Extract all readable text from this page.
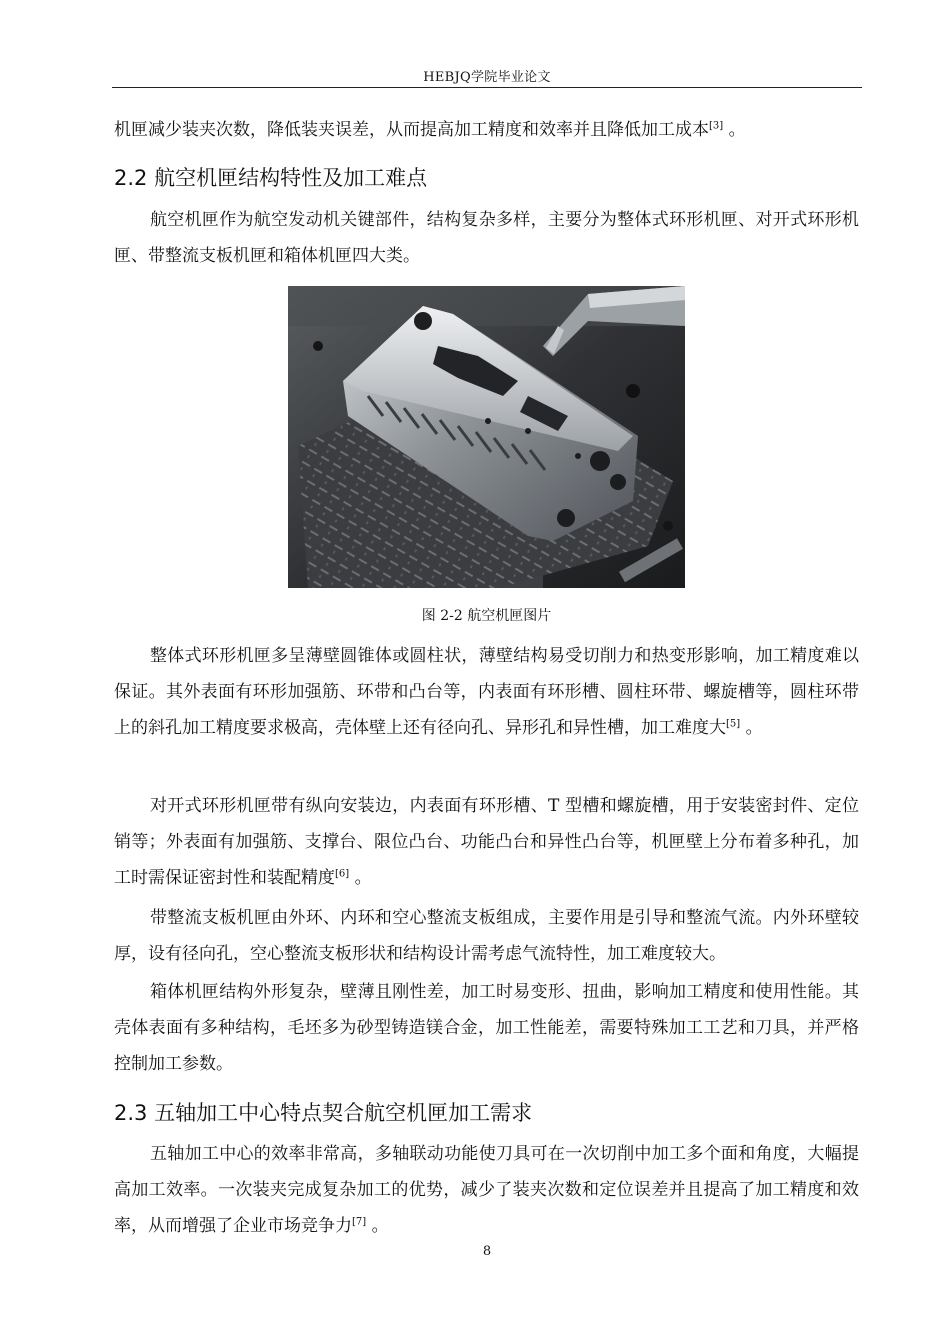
HEBJQ学院毕业论文

机匣减少装夹次数，降低装夹误差，从而提高加工精度和效率并且降低加工成本[3] 。

2.2 航空机匣结构特性及加工难点

航空机匣作为航空发动机关键部件，结构复杂多样，主要分为整体式环形机匣、对开式环形机匣、带整流支板机匣和箱体机匣四大类。

图 2-2 航空机匣图片

整体式环形机匣多呈薄壁圆锥体或圆柱状，薄壁结构易受切削力和热变形影响，加工精度难以保证。其外表面有环形加强筋、环带和凸台等，内表面有环形槽、圆柱环带、螺旋槽等，圆柱环带上的斜孔加工精度要求极高，壳体壁上还有径向孔、异形孔和异性槽，加工难度大[5] 。

对开式环形机匣带有纵向安装边，内表面有环形槽、T 型槽和螺旋槽，用于安装密封件、定位销等；外表面有加强筋、支撑台、限位凸台、功能凸台和异性凸台等，机匣壁上分布着多种孔，加工时需保证密封性和装配精度[6] 。

带整流支板机匣由外环、内环和空心整流支板组成，主要作用是引导和整流气流。内外环壁较厚，设有径向孔，空心整流支板形状和结构设计需考虑气流特性，加工难度较大。

箱体机匣结构外形复杂，壁薄且刚性差，加工时易变形、扭曲，影响加工精度和使用性能。其壳体表面有多种结构，毛坯多为砂型铸造镁合金，加工性能差，需要特殊加工工艺和刀具，并严格控制加工参数。

2.3 五轴加工中心特点契合航空机匣加工需求

五轴加工中心的效率非常高，多轴联动功能使刀具可在一次切削中加工多个面和角度，大幅提高加工效率。一次装夹完成复杂加工的优势，减少了装夹次数和定位误差并且提高了加工精度和效率，从而增强了企业市场竞争力[7] 。

8
